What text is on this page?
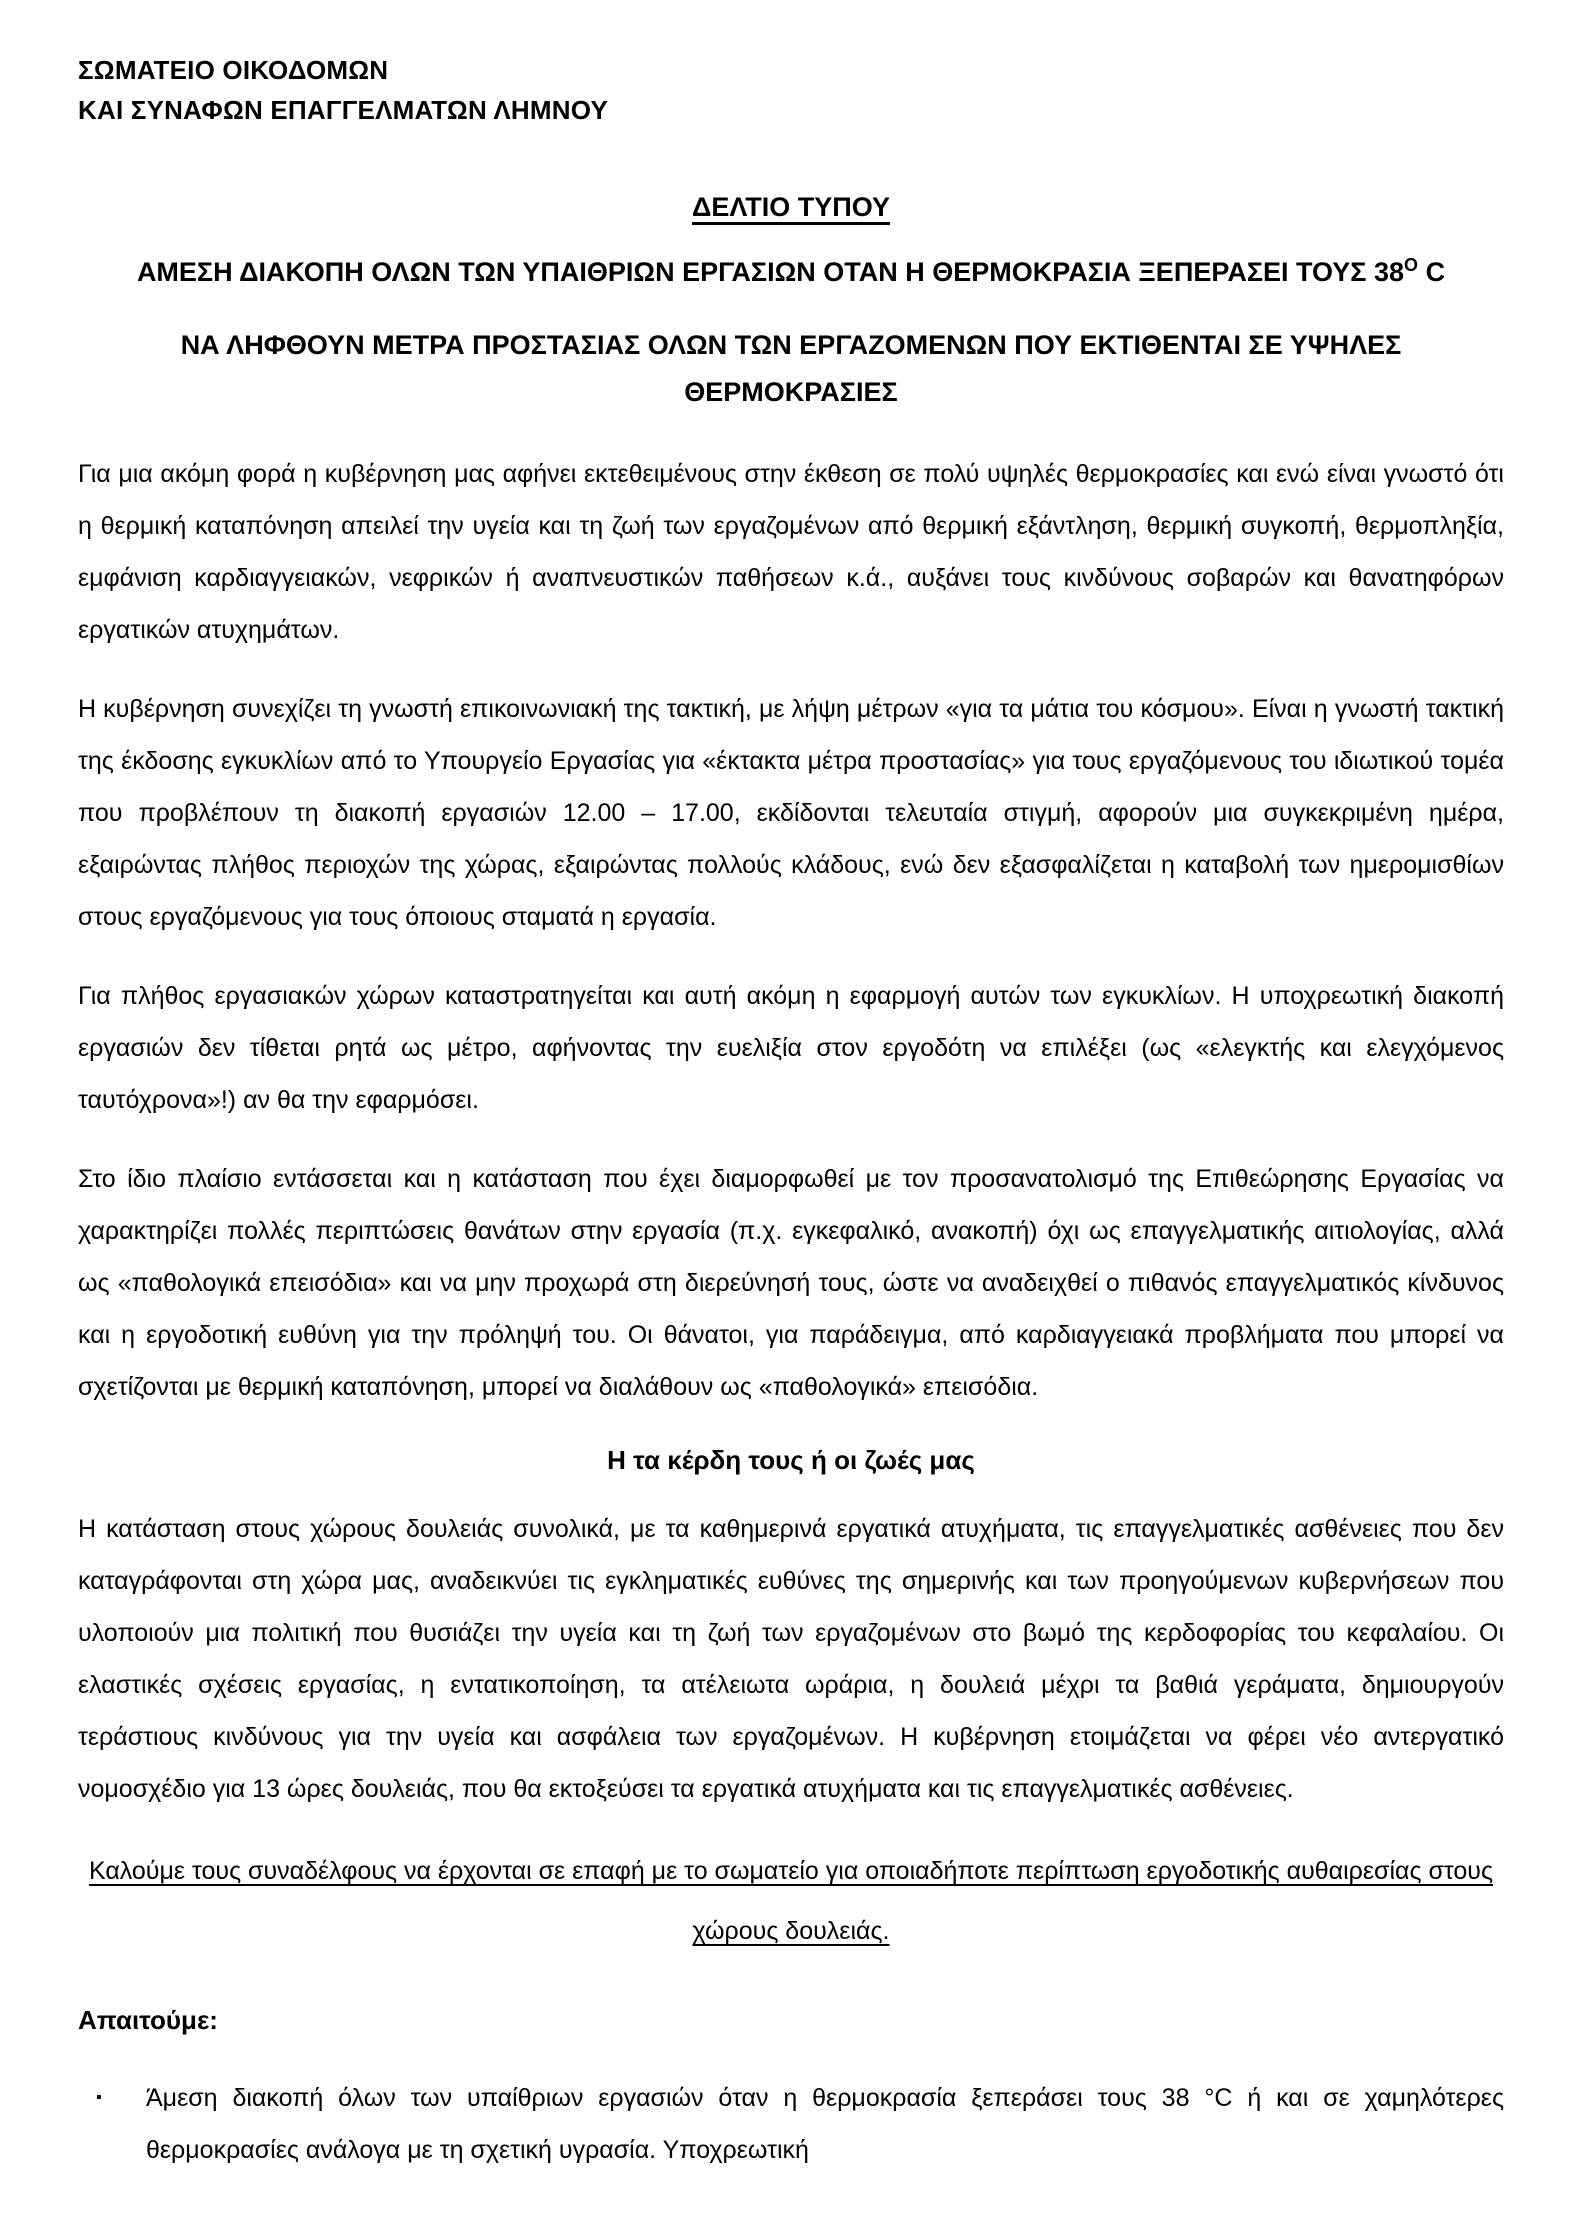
ΣΩΜΑΤΕΙΟ ΟΙΚΟΔΟΜΩΝ
ΚΑΙ ΣΥΝΑΦΩΝ ΕΠΑΓΓΕΛΜΑΤΩΝ ΛΗΜΝΟΥ
ΔΕΛΤΙΟ ΤΥΠΟΥ
ΑΜΕΣΗ ΔΙΑΚΟΠΗ ΟΛΩΝ ΤΩΝ ΥΠΑΙΘΡΙΩΝ ΕΡΓΑΣΙΩΝ ΟΤΑΝ Η ΘΕΡΜΟΚΡΑΣΙΑ ΞΕΠΕΡΑΣΕΙ ΤΟΥΣ $38^O$ C
ΝΑ ΛΗΦΘΟΥΝ ΜΕΤΡΑ ΠΡΟΣΤΑΣΙΑΣ ΟΛΩΝ ΤΩΝ ΕΡΓΑΖΟΜΕΝΩΝ ΠΟΥ ΕΚΤΙΘΕΝΤΑΙ ΣΕ ΥΨΗΛΕΣ ΘΕΡΜΟΚΡΑΣΙΕΣ

Για μια ακόμη φορά η κυβέρνηση μας αφήνει εκτεθειμένους στην έκθεση σε πολύ υψηλές θερμοκρασίες και ενώ είναι γνωστό ότι η θερμική καταπόνηση απειλεί την υγεία και τη ζωή των εργαζομένων από θερμική εξάντληση, θερμική συγκοπή, θερμοπληξία, εμφάνιση καρδιαγγειακών, νεφρικών ή αναπνευστικών παθήσεων κ.ά., αυξάνει τους κινδύνους σοβαρών και θανατηφόρων εργατικών ατυχημάτων.

Η κυβέρνηση συνεχίζει τη γνωστή επικοινωνιακή της τακτική, με λήψη μέτρων «για τα μάτια του κόσμου». Είναι η γνωστή τακτική της έκδοσης εγκυκλίων από το Υπουργείο Εργασίας για «έκτακτα μέτρα προστασίας» για τους εργαζόμενους του ιδιωτικού τομέα που προβλέπουν τη διακοπή εργασιών 12.00 – 17.00, εκδίδονται τελευταία στιγμή, αφορούν μια συγκεκριμένη ημέρα, εξαιρώντας πλήθος περιοχών της χώρας, εξαιρώντας πολλούς κλάδους, ενώ δεν εξασφαλίζεται η καταβολή των ημερομισθίων στους εργαζόμενους για τους όποιους σταματά η εργασία.

Για πλήθος εργασιακών χώρων καταστρατηγείται και αυτή ακόμη η εφαρμογή αυτών των εγκυκλίων. Η υποχρεωτική διακοπή εργασιών δεν τίθεται ρητά ως μέτρο, αφήνοντας την ευελιξία στον εργοδότη να επιλέξει (ως «ελεγκτής και ελεγχόμενος ταυτόχρονα»!) αν θα την εφαρμόσει.

Στο ίδιο πλαίσιο εντάσσεται και η κατάσταση που έχει διαμορφωθεί με τον προσανατολισμό της Επιθεώρησης Εργασίας να χαρακτηρίζει πολλές περιπτώσεις θανάτων στην εργασία (π.χ. εγκεφαλικό, ανακοπή) όχι ως επαγγελματικής αιτιολογίας, αλλά ως «παθολογικά επεισόδια» και να μην προχωρά στη διερεύνησή τους, ώστε να αναδειχθεί ο πιθανός επαγγελματικός κίνδυνος και η εργοδοτική ευθύνη για την πρόληψή του. Οι θάνατοι, για παράδειγμα, από καρδιαγγειακά προβλήματα που μπορεί να σχετίζονται με θερμική καταπόνηση, μπορεί να διαλάθουν ως «παθολογικά» επεισόδια.

Η τα κέρδη τους ή οι ζωές μας

Η κατάσταση στους χώρους δουλειάς συνολικά, με τα καθημερινά εργατικά ατυχήματα, τις επαγγελματικές ασθένειες που δεν καταγράφονται στη χώρα μας, αναδεικνύει τις εγκληματικές ευθύνες της σημερινής και των προηγούμενων κυβερνήσεων που υλοποιούν μια πολιτική που θυσιάζει την υγεία και τη ζωή των εργαζομένων στο βωμό της κερδοφορίας του κεφαλαίου. Οι ελαστικές σχέσεις εργασίας, η εντατικοποίηση, τα ατέλειωτα ωράρια, η δουλειά μέχρι τα βαθιά γεράματα, δημιουργούν τεράστιους κινδύνους για την υγεία και ασφάλεια των εργαζομένων. Η κυβέρνηση ετοιμάζεται να φέρει νέο αντεργατικό νομοσχέδιο για 13 ώρες δουλειάς, που θα εκτοξεύσει τα εργατικά ατυχήματα και τις επαγγελματικές ασθένειες.

Καλούμε τους συναδέλφους να έρχονται σε επαφή με το σωματείο για οποιαδήποτε περίπτωση εργοδοτικής αυθαιρεσίας στους χώρους δουλειάς.
Απαιτούμε:
▪	Άμεση διακοπή όλων των υπαίθριων εργασιών όταν η θερμοκρασία ξεπεράσει τους 38 °C ή και σε χαμηλότερες θερμοκρασίες ανάλογα με τη σχετική υγρασία. Υποχρεωτική
